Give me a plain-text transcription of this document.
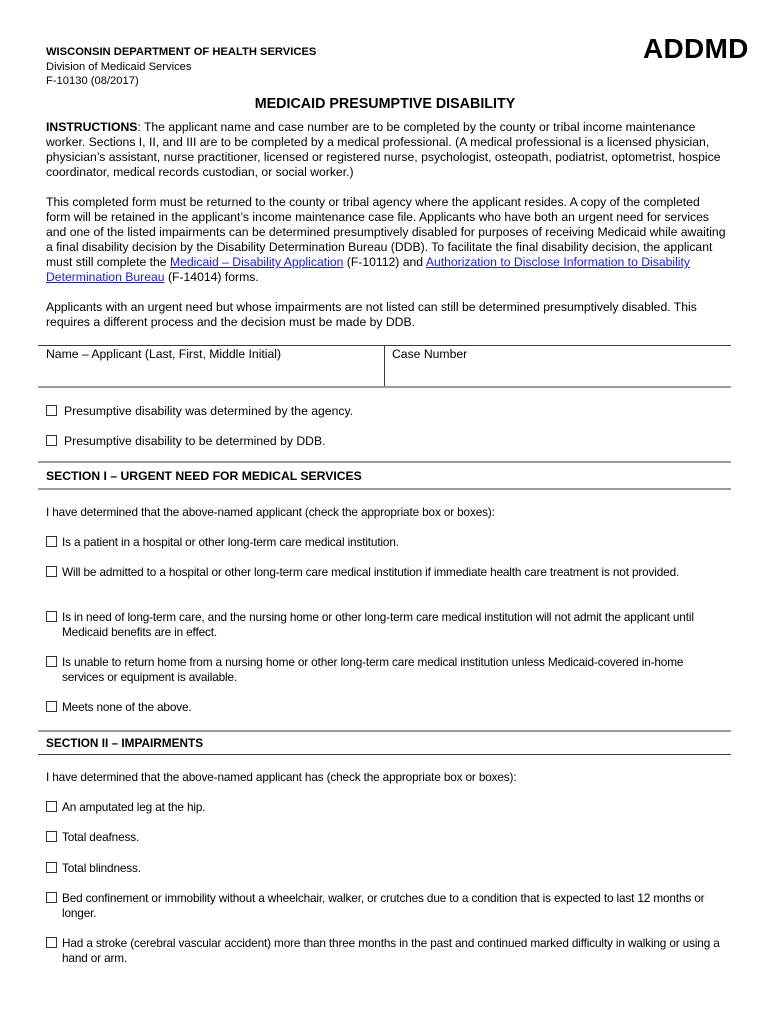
WISCONSIN DEPARTMENT OF HEALTH SERVICES
Division of Medicaid Services
F-10130 (08/2017)
ADDMD
MEDICAID PRESUMPTIVE DISABILITY
INSTRUCTIONS: The applicant name and case number are to be completed by the county or tribal income maintenance worker. Sections I, II, and III are to be completed by a medical professional. (A medical professional is a licensed physician, physician’s assistant, nurse practitioner, licensed or registered nurse, psychologist, osteopath, podiatrist, optometrist, hospice coordinator, medical records custodian, or social worker.)
This completed form must be returned to the county or tribal agency where the applicant resides. A copy of the completed form will be retained in the applicant’s income maintenance case file. Applicants who have both an urgent need for services and one of the listed impairments can be determined presumptively disabled for purposes of receiving Medicaid while awaiting a final disability decision by the Disability Determination Bureau (DDB). To facilitate the final disability decision, the applicant must still complete the Medicaid – Disability Application (F-10112) and Authorization to Disclose Information to Disability Determination Bureau (F-14014) forms.
Applicants with an urgent need but whose impairments are not listed can still be determined presumptively disabled. This requires a different process and the decision must be made by DDB.
Name – Applicant (Last, First, Middle Initial)	Case Number
Presumptive disability was determined by the agency.
Presumptive disability to be determined by DDB.
SECTION I – URGENT NEED FOR MEDICAL SERVICES
I have determined that the above-named applicant (check the appropriate box or boxes):
Is a patient in a hospital or other long-term care medical institution.
Will be admitted to a hospital or other long-term care medical institution if immediate health care treatment is not provided.
Is in need of long-term care, and the nursing home or other long-term care medical institution will not admit the applicant until Medicaid benefits are in effect.
Is unable to return home from a nursing home or other long-term care medical institution unless Medicaid-covered in-home services or equipment is available.
Meets none of the above.
SECTION II – IMPAIRMENTS
I have determined that the above-named applicant has (check the appropriate box or boxes):
An amputated leg at the hip.
Total deafness.
Total blindness.
Bed confinement or immobility without a wheelchair, walker, or crutches due to a condition that is expected to last 12 months or longer.
Had a stroke (cerebral vascular accident) more than three months in the past and continued marked difficulty in walking or using a hand or arm.
